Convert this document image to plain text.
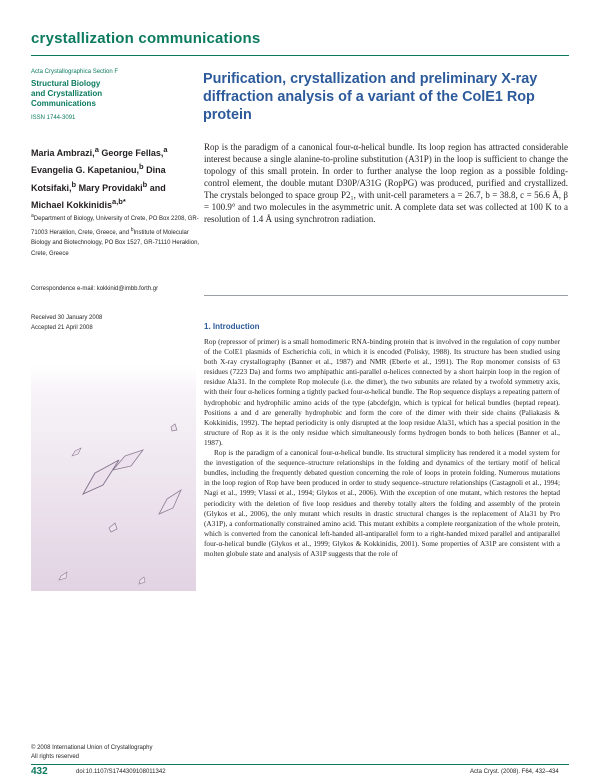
crystallization communications
Acta Crystallographica Section F
Structural Biology
and Crystallization
Communications
ISSN 1744-3091
Purification, crystallization and preliminary X-ray diffraction analysis of a variant of the ColE1 Rop protein
Maria Ambrazi,$^a$ George Fellas,$^a$ Evangelia G. Kapetaniou,$^b$ Dina Kotsifaki,$^b$ Mary Providaki$^b$ and Michael Kokkinidis$^{a,b*}$
$^a$Department of Biology, University of Crete, PO Box 2208, GR-71003 Heraklion, Crete, Greece, and $^b$Institute of Molecular Biology and Biotechnology, PO Box 1527, GR-71110 Heraklion, Crete, Greece
Correspondence e-mail: kokkinid@imbb.forth.gr
Received 30 January 2008
Accepted 21 April 2008
Rop is the paradigm of a canonical four-α-helical bundle. Its loop region has attracted considerable interest because a single alanine-to-proline substitution (A31P) in the loop is sufficient to change the topology of this small protein. In order to further analyse the loop region as a possible folding-control element, the double mutant D30P/A31G (RopPG) was produced, purified and crystallized. The crystals belonged to space group P2₁, with unit-cell parameters a = 26.7, b = 38.8, c = 56.6 Å, β = 100.9° and two molecules in the asymmetric unit. A complete data set was collected at 100 K to a resolution of 1.4 Å using synchrotron radiation.
1. Introduction

Rop (repressor of primer) is a small homodimeric RNA-binding protein that is involved in the regulation of copy number of the ColE1 plasmids of Escherichia coli, in which it is encoded (Polisky, 1988). Its structure has been studied using both X-ray crystallography (Banner et al., 1987) and NMR (Eberle et al., 1991). The Rop monomer consists of 63 residues (7223 Da) and forms two amphipathic anti-parallel α-helices connected by a short hairpin loop in the region of residue Ala31. In the complete Rop molecule (i.e. the dimer), the two subunits are related by a twofold symmetry axis, with their four α-helices forming a tightly packed four-α-helical bundle. The Rop sequence displays a repeating pattern of hydrophobic and hydrophilic amino acids of the type (abcdefg)n, which is typical for helical bundles (heptad repeat). Positions a and d are generally hydrophobic and form the core of the dimer with their side chains (Paliakasis & Kokkinidis, 1992). The heptad periodicity is only disrupted at the loop residue Ala31, which has a special position in the structure of Rop as it is the only residue which simultaneously forms hydrogen bonds to both helices (Banner et al., 1987).

Rop is the paradigm of a canonical four-α-helical bundle. Its structural simplicity has rendered it a model system for the investigation of the sequence–structure relationships in the folding and dynamics of the tertiary motif of helical bundles, including the frequently debated question concerning the role of loops in protein folding. Numerous mutations in the loop region of Rop have been produced in order to study sequence–structure relationships (Castagnoli et al., 1994; Nagi et al., 1999; Vlassi et al., 1994; Glykos et al., 2006). With the exception of one mutant, which restores the heptad periodicity with the deletion of five loop residues and thereby totally alters the folding and assembly of the protein (Glykos et al., 2006), the only mutant which results in drastic structural changes is the replacement of Ala31 by Pro (A31P), a conformationally constrained amino acid. This mutant exhibits a complete reorganization of the whole protein, which is converted from the canonical left-handed all-antiparallel form to a right-handed mixed parallel and antiparallel four-α-helical bundle (Glykos et al., 1999; Glykos & Kokkinidis, 2001). Some properties of A31P are consistent with a molten globule state and analysis of A31P suggests that the role of

© 2008 International Union of Crystallography
All rights reserved
432	doi:10.1107/S1744309108011342	Acta Cryst. (2008). F64, 432–434
